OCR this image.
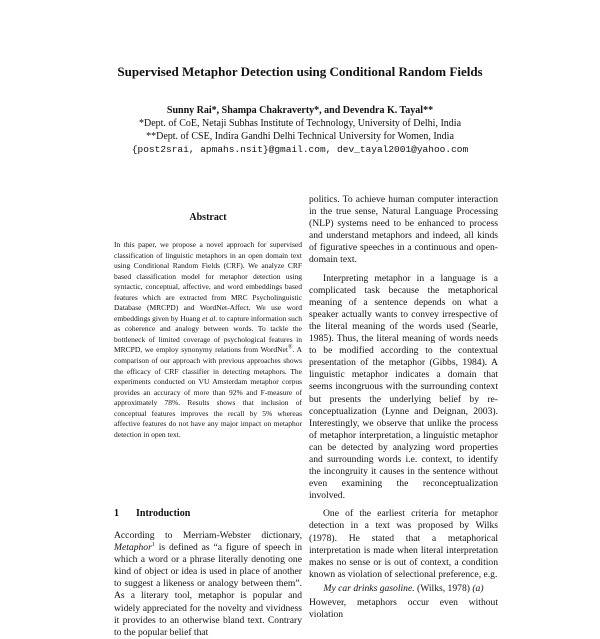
Supervised Metaphor Detection using Conditional Random Fields
Sunny Rai*, Shampa Chakraverty*, and Devendra K. Tayal**
*Dept. of CoE, Netaji Subhas Institute of Technology, University of Delhi, India
**Dept. of CSE, Indira Gandhi Delhi Technical University for Women, India
{post2srai, apmahs.nsit}@gmail.com, dev_tayal2001@yahoo.com
Abstract
In this paper, we propose a novel approach for supervised classification of linguistic metaphors in an open domain text using Conditional Random Fields (CRF). We analyze CRF based classification model for metaphor detection using syntactic, conceptual, affective, and word embeddings based features which are extracted from MRC Psycholinguistic Database (MRCPD) and WordNet-Affect. We use word embeddings given by Huang et al. to capture information such as coherence and analogy between words. To tackle the bottleneck of limited coverage of psychological features in MRCPD, we employ synonymy relations from WordNet®. A comparison of our approach with previous approaches shows the efficacy of CRF classifier in detecting metaphors. The experiments conducted on VU Amsterdam metaphor corpus provides an accuracy of more than 92% and F-measure of approximately 78%. Results shows that inclusion of conceptual features improves the recall by 5% whereas affective features do not have any major impact on metaphor detection in open text.
1 Introduction
According to Merriam-Webster dictionary, Metaphor$^1$ is defined as “a figure of speech in which a word or a phrase literally denoting one kind of object or idea is used in place of another to suggest a likeness or analogy between them”. As a literary tool, metaphor is popular and widely appreciated for the novelty and vividness it provides to an otherwise bland text. Contrary to the popular belief that

politics. To achieve human computer interaction in the true sense, Natural Language Processing (NLP) systems need to be enhanced to process and understand metaphors and indeed, all kinds of figurative speeches in a continuous and open-domain text.

Interpreting metaphor in a language is a complicated task because the metaphorical meaning of a sentence depends on what a speaker actually wants to convey irrespective of the literal meaning of the words used (Searle, 1985). Thus, the literal meaning of words needs to be modified according to the contextual presentation of the metaphor (Gibbs, 1984). A linguistic metaphor indicates a domain that seems incongruous with the surrounding context but presents the underlying belief by re-conceptualization (Lynne and Deignan, 2003). Interestingly, we observe that unlike the process of metaphor interpretation, a linguistic metaphor can be detected by analyzing word properties and surrounding words i.e. context, to identify the incongruity it causes in the sentence without even examining the reconceptualization involved.

One of the earliest criteria for metaphor detection in a text was proposed by Wilks (1978). He stated that a metaphorical interpretation is made when literal interpretation makes no sense or is out of context, a condition known as violation of selectional preference, e.g.

My car drinks gasoline. (Wilks, 1978) (a)

However, metaphors occur even without violation
